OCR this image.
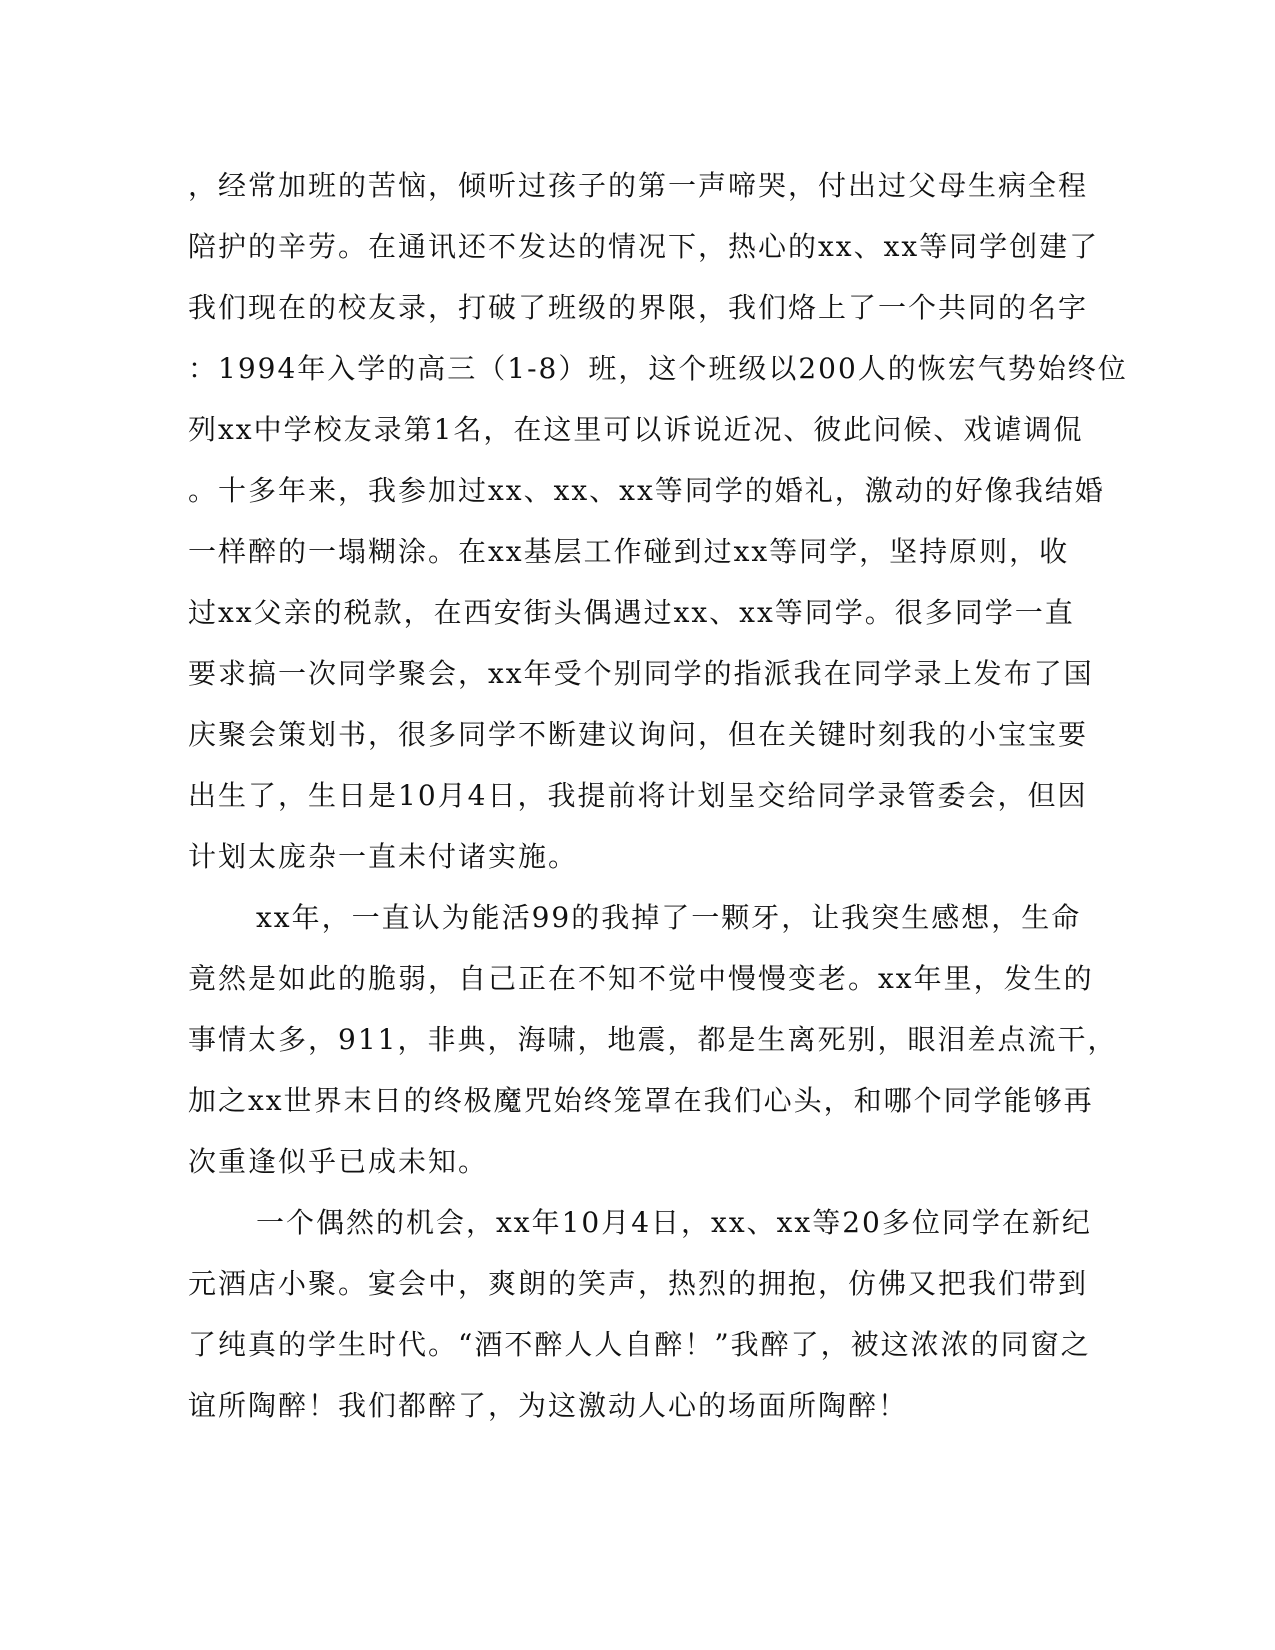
，经常加班的苦恼，倾听过孩子的第一声啼哭，付出过父母生病全程
陪护的辛劳。在通讯还不发达的情况下，热心的xx、xx等同学创建了
我们现在的校友录，打破了班级的界限，我们烙上了一个共同的名字
：1994年入学的高三（1-8）班，这个班级以200人的恢宏气势始终位
列xx中学校友录第1名，在这里可以诉说近况、彼此问候、戏谑调侃
。十多年来，我参加过xx、xx、xx等同学的婚礼，激动的好像我结婚
一样醉的一塌糊涂。在xx基层工作碰到过xx等同学，坚持原则，收
过xx父亲的税款，在西安街头偶遇过xx、xx等同学。很多同学一直
要求搞一次同学聚会，xx年受个别同学的指派我在同学录上发布了国
庆聚会策划书，很多同学不断建议询问，但在关键时刻我的小宝宝要
出生了，生日是10月4日，我提前将计划呈交给同学录管委会，但因
计划太庞杂一直未付诸实施。
xx年，一直认为能活99的我掉了一颗牙，让我突生感想，生命
竟然是如此的脆弱，自己正在不知不觉中慢慢变老。xx年里，发生的
事情太多，911，非典，海啸，地震，都是生离死别，眼泪差点流干，
加之xx世界末日的终极魔咒始终笼罩在我们心头，和哪个同学能够再
次重逢似乎已成未知。
一个偶然的机会，xx年10月4日，xx、xx等20多位同学在新纪
元酒店小聚。宴会中，爽朗的笑声，热烈的拥抱，仿佛又把我们带到
了纯真的学生时代。“酒不醉人人自醉！”我醉了，被这浓浓的同窗之
谊所陶醉！我们都醉了，为这激动人心的场面所陶醉！
